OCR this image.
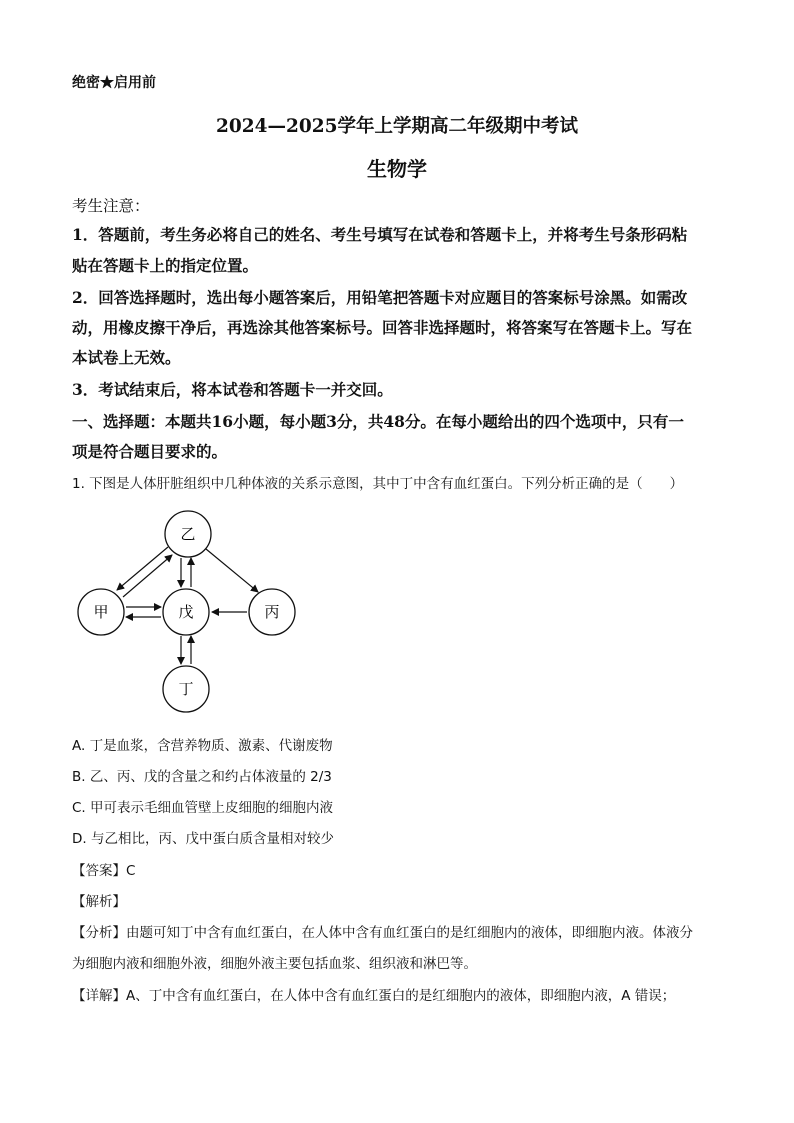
绝密★启用前
2024—2025学年上学期高二年级期中考试
生物学
考生注意：
1．答题前，考生务必将自己的姓名、考生号填写在试卷和答题卡上，并将考生号条形码粘
贴在答题卡上的指定位置。
2．回答选择题时，选出每小题答案后，用铅笔把答题卡对应题目的答案标号涂黑。如需改
动，用橡皮擦干净后，再选涂其他答案标号。回答非选择题时，将答案写在答题卡上。写在
本试卷上无效。
3．考试结束后，将本试卷和答题卡一并交回。
一、选择题：本题共16小题，每小题3分，共48分。在每小题给出的四个选项中，只有一
项是符合题目要求的。
1. 下图是人体肝脏组织中几种体液的关系示意图，其中丁中含有血红蛋白。下列分析正确的是（　　）
乙
甲	戊	丙
丁
A. 丁是血浆，含营养物质、激素、代谢废物
B. 乙、丙、戊的含量之和约占体液量的 2/3
C. 甲可表示毛细血管壁上皮细胞的细胞内液
D. 与乙相比，丙、戊中蛋白质含量相对较少
【答案】C
【解析】
【分析】由题可知丁中含有血红蛋白，在人体中含有血红蛋白的是红细胞内的液体，即细胞内液。体液分
为细胞内液和细胞外液，细胞外液主要包括血浆、组织液和淋巴等。
【详解】A、丁中含有血红蛋白，在人体中含有血红蛋白的是红细胞内的液体，即细胞内液，A 错误；
